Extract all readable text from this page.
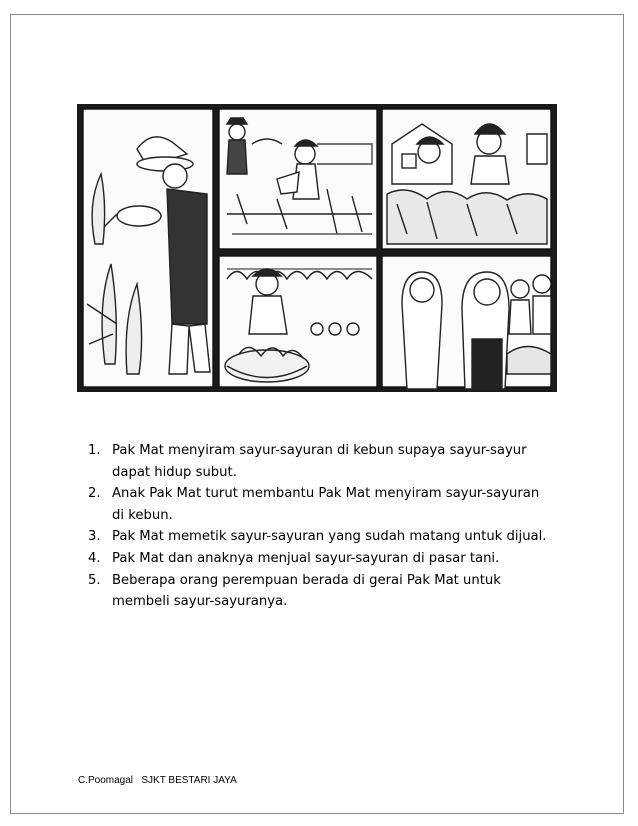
1. Pak Mat menyiram sayur-sayuran di kebun supaya sayur-sayur
dapat hidup subut.
2. Anak Pak Mat turut membantu Pak Mat menyiram sayur-sayuran
di kebun.
3. Pak Mat memetik sayur-sayuran yang sudah matang untuk dijual.
4. Pak Mat dan anaknya menjual sayur-sayuran di pasar tani.
5. Beberapa orang perempuan berada di gerai Pak Mat untuk
membeli sayur-sayuranya.
C.Poomagal   SJKT BESTARI JAYA
